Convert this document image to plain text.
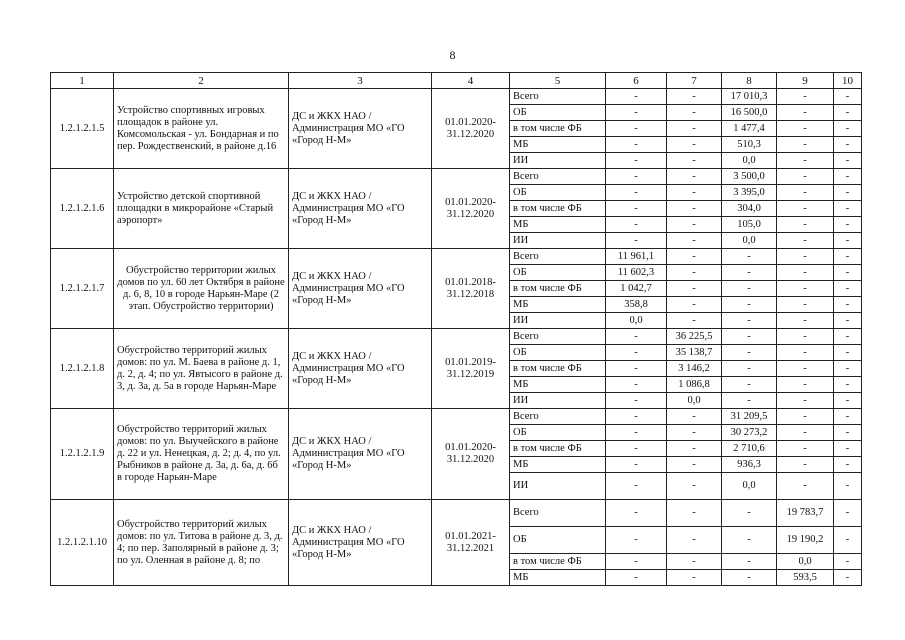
8
1	2	3	4	5	6	7	8	9	10
1.2.1.2.1.5	Устройство спортивных игровых площадок в районе ул. Комсомольская - ул. Бондарная и по пер. Рождественский, в районе д.16	ДС и ЖКХ НАО / Администрация МО «ГО «Город Н-М»	01.01.2020-31.12.2020	Всего	-	-	17 010,3	-	-
				ОБ	-	-	16 500,0	-	-
				в том числе ФБ	-	-	1 477,4	-	-
				МБ	-	-	510,3	-	-
				ИИ	-	-	0,0	-	-
1.2.1.2.1.6	Устройство детской спортивной площадки в микрорайоне «Старый аэропорт»	ДС и ЖКХ НАО / Администрация МО «ГО «Город Н-М»	01.01.2020-31.12.2020	Всего	-	-	3 500,0	-	-
				ОБ	-	-	3 395,0	-	-
				в том числе ФБ	-	-	304,0	-	-
				МБ	-	-	105,0	-	-
				ИИ	-	-	0,0	-	-
1.2.1.2.1.7	Обустройство территории жилых домов по ул. 60 лет Октября в районе д. 6, 8, 10 в городе Нарьян-Маре (2 этап. Обустройство территории)	ДС и ЖКХ НАО / Администрация МО «ГО «Город Н-М»	01.01.2018-31.12.2018	Всего	11 961,1	-	-	-	-
				ОБ	11 602,3	-	-	-	-
				в том числе ФБ	1 042,7	-	-	-	-
				МБ	358,8	-	-	-	-
				ИИ	0,0	-	-	-	-
1.2.1.2.1.8	Обустройство территорий жилых домов: по ул. М. Баева в районе д. 1, д. 2, д. 4; по ул. Явтысого в районе д. 3, д. 3а, д. 5а в городе Нарьян-Маре	ДС и ЖКХ НАО / Администрация МО «ГО «Город Н-М»	01.01.2019-31.12.2019	Всего	-	36 225,5	-	-	-
				ОБ	-	35 138,7	-	-	-
				в том числе ФБ	-	3 146,2	-	-	-
				МБ	-	1 086,8	-	-	-
				ИИ	-	0,0	-	-	-
1.2.1.2.1.9	Обустройство территорий жилых домов: по ул. Выучейского в районе д. 22 и ул. Ненецкая, д. 2; д. 4, по ул. Рыбников в районе д. 3а, д. 6а, д. 6б в городе Нарьян-Маре	ДС и ЖКХ НАО / Администрация МО «ГО «Город Н-М»	01.01.2020-31.12.2020	Всего	-	-	31 209,5	-	-
				ОБ	-	-	30 273,2	-	-
				в том числе ФБ	-	-	2 710,6	-	-
				МБ	-	-	936,3	-	-
				ИИ	-	-	0,0	-	-
1.2.1.2.1.10	Обустройство территорий жилых домов: по ул. Титова в районе д. 3, д. 4; по пер. Заполярный в районе д. 3; по ул. Оленная в районе д. 8; по	ДС и ЖКХ НАО / Администрация МО «ГО «Город Н-М»	01.01.2021-31.12.2021	Всего	-	-	-	19 783,7	-
				ОБ	-	-	-	19 190,2	-
				в том числе ФБ	-	-	-	0,0	-
				МБ	-	-	-	593,5	-
